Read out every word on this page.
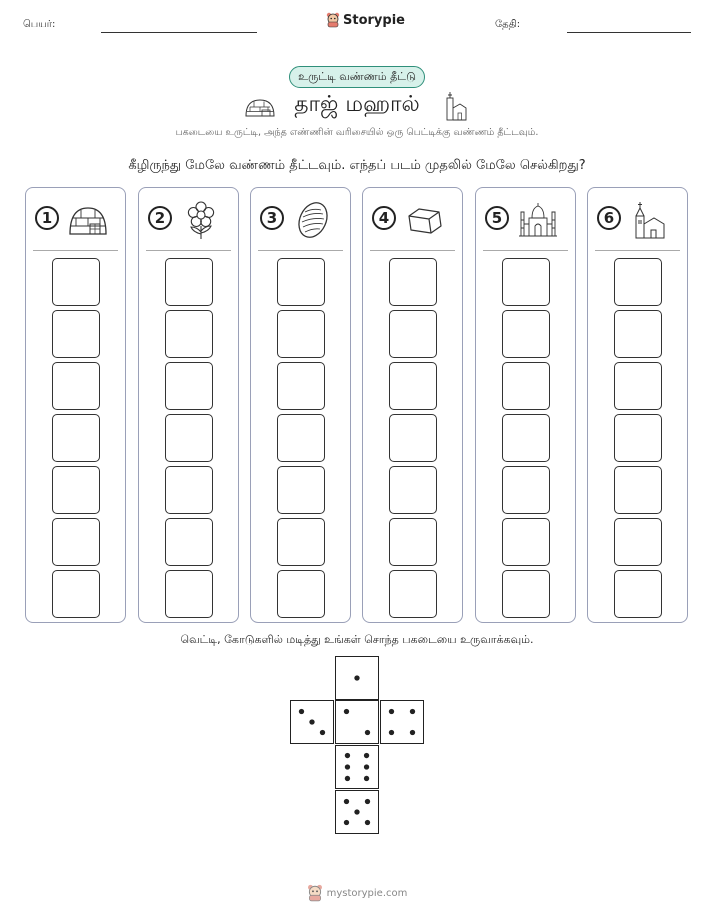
பெயர்:	Storypie	தேதி:
உருட்டி வண்ணம் தீட்டு
தாஜ் மஹால்
பகடையை உருட்டி, அந்த எண்ணின் வரிசையில் ஒரு பெட்டிக்கு வண்ணம் தீட்டவும்.
கீழிருந்து மேலே வண்ணம் தீட்டவும். எந்தப் படம் முதலில் மேலே செல்கிறது?
1	2	3	4	5	6
வெட்டி, கோடுகளில் மடித்து உங்கள் சொந்த பகடையை உருவாக்கவும்.
mystorypie.com
